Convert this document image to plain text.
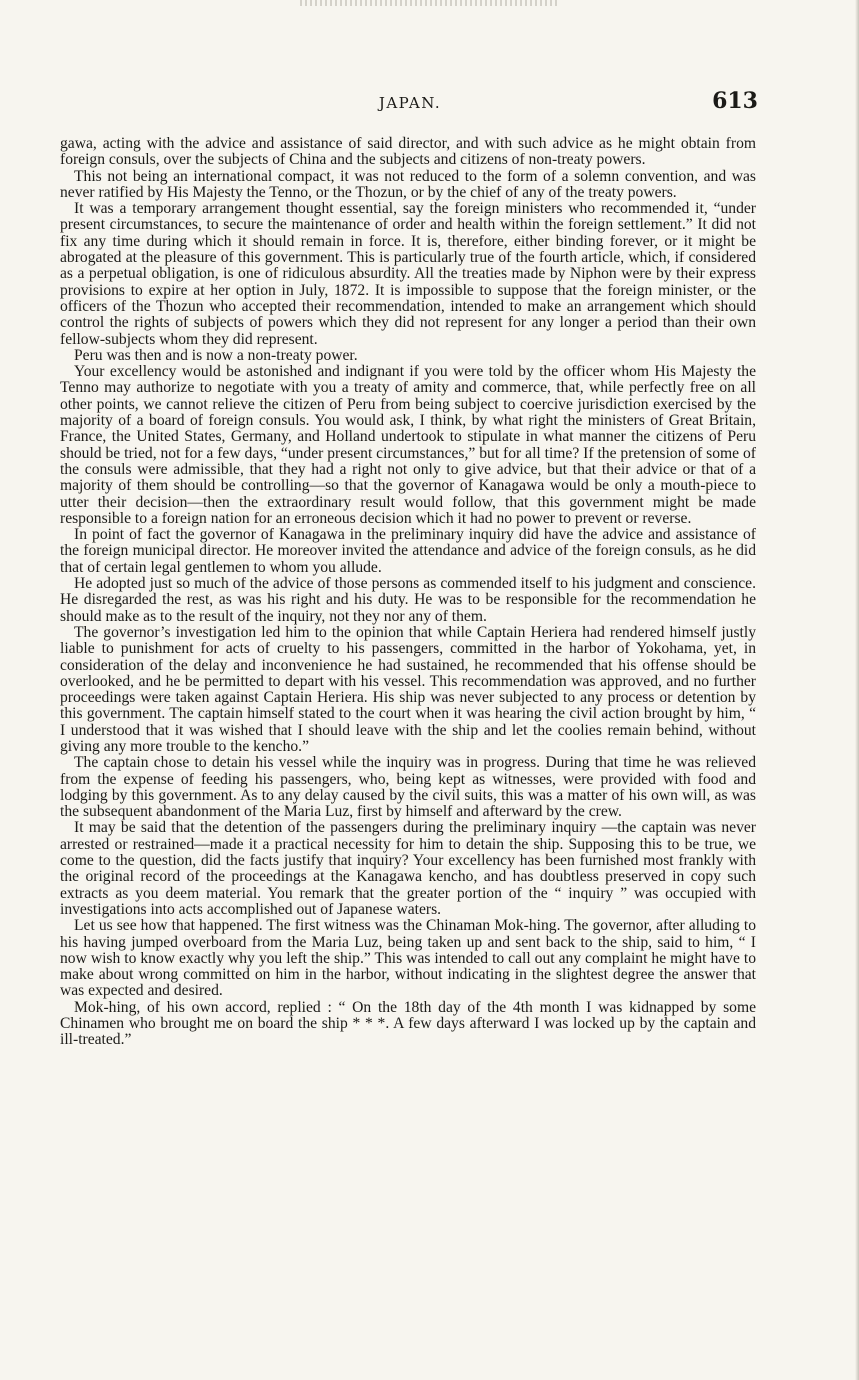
JAPAN.	613

gawa, acting with the advice and assistance of said director, and with such advice as he might obtain from foreign consuls, over the subjects of China and the subjects and citizens of non-treaty powers.

This not being an international compact, it was not reduced to the form of a solemn convention, and was never ratified by His Majesty the Tenno, or the Thozun, or by the chief of any of the treaty powers.

It was a temporary arrangement thought essential, say the foreign ministers who recommended it, “under present circumstances, to secure the maintenance of order and health within the foreign settlement.” It did not fix any time during which it should remain in force. It is, therefore, either binding forever, or it might be abrogated at the pleasure of this government. This is particularly true of the fourth article, which, if considered as a perpetual obligation, is one of ridiculous absurdity. All the treaties made by Niphon were by their express provisions to expire at her option in July, 1872. It is impossible to suppose that the foreign minister, or the officers of the Thozun who accepted their recommendation, intended to make an arrangement which should control the rights of subjects of powers which they did not represent for any longer a period than their own fellow-subjects whom they did represent.

Peru was then and is now a non-treaty power.

Your excellency would be astonished and indignant if you were told by the officer whom His Majesty the Tenno may authorize to negotiate with you a treaty of amity and commerce, that, while perfectly free on all other points, we cannot relieve the citizen of Peru from being subject to coercive jurisdiction exercised by the majority of a board of foreign consuls. You would ask, I think, by what right the ministers of Great Britain, France, the United States, Germany, and Holland undertook to stipulate in what manner the citizens of Peru should be tried, not for a few days, “under present circumstances,” but for all time? If the pretension of some of the consuls were admissible, that they had a right not only to give advice, but that their advice or that of a majority of them should be controlling—so that the governor of Kanagawa would be only a mouth-piece to utter their decision—then the extraordinary result would follow, that this government might be made responsible to a foreign nation for an erroneous decision which it had no power to prevent or reverse.

In point of fact the governor of Kanagawa in the preliminary inquiry did have the advice and assistance of the foreign municipal director. He moreover invited the attendance and advice of the foreign consuls, as he did that of certain legal gentlemen to whom you allude.

He adopted just so much of the advice of those persons as commended itself to his judgment and conscience. He disregarded the rest, as was his right and his duty. He was to be responsible for the recommendation he should make as to the result of the inquiry, not they nor any of them.

The governor’s investigation led him to the opinion that while Captain Heriera had rendered himself justly liable to punishment for acts of cruelty to his passengers, committed in the harbor of Yokohama, yet, in consideration of the delay and inconvenience he had sustained, he recommended that his offense should be overlooked, and he be permitted to depart with his vessel. This recommendation was approved, and no further proceedings were taken against Captain Heriera. His ship was never subjected to any process or detention by this government. The captain himself stated to the court when it was hearing the civil action brought by him, “ I understood that it was wished that I should leave with the ship and let the coolies remain behind, without giving any more trouble to the kencho.”

The captain chose to detain his vessel while the inquiry was in progress. During that time he was relieved from the expense of feeding his passengers, who, being kept as witnesses, were provided with food and lodging by this government. As to any delay caused by the civil suits, this was a matter of his own will, as was the subsequent abandonment of the Maria Luz, first by himself and afterward by the crew.

It may be said that the detention of the passengers during the preliminary inquiry —the captain was never arrested or restrained—made it a practical necessity for him to detain the ship. Supposing this to be true, we come to the question, did the facts justify that inquiry? Your excellency has been furnished most frankly with the original record of the proceedings at the Kanagawa kencho, and has doubtless preserved in copy such extracts as you deem material. You remark that the greater portion of the “ inquiry ” was occupied with investigations into acts accomplished out of Japanese waters.

Let us see how that happened. The first witness was the Chinaman Mok-hing. The governor, after alluding to his having jumped overboard from the Maria Luz, being taken up and sent back to the ship, said to him, “ I now wish to know exactly why you left the ship.” This was intended to call out any complaint he might have to make about wrong committed on him in the harbor, without indicating in the slightest degree the answer that was expected and desired.

Mok-hing, of his own accord, replied : “ On the 18th day of the 4th month I was kidnapped by some Chinamen who brought me on board the ship * * *. A few days afterward I was locked up by the captain and ill-treated.”
